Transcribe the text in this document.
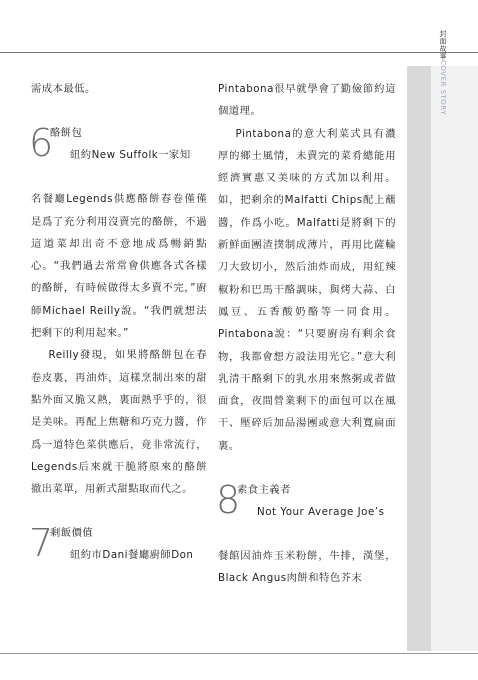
封面故事COVER STORY

需成本最低。

6
酪餅包
紐約New Suffolk一家知

名餐廳Legends供應酪餅春卷僅僅是爲了充分利用沒賣完的酪餅，不過這道菜却出奇不意地成爲暢銷點心。“我們過去常常會供應各式各樣的酪餅，有時候做得太多賣不完，”廚師Michael Reilly說。“我們就想法把剩下的利用起來。”

Reilly發現，如果將酪餅包在春卷皮裏，再油炸，這樣烹制出來的甜點外面又脆又熱，裏面熱乎乎的，很是美味。再配上焦糖和巧克力醬，作爲一道特色菜供應后，竟非常流行，Legends后來就干脆將原來的酪餅撤出菜單，用新式甜點取而代之。

7
剩飯價值
紐約市Dani餐廳廚師Don

Pintabona很早就學會了勤儉節約這個道理。

Pintabona的意大利菜式具有濃厚的鄉土風情，未賣完的菜肴總能用經濟實惠又美味的方式加以利用。如，把剩余的Malfatti Chips配上蘸醬，作爲小吃。Malfatti是將剩下的新鮮面團渣撲制成薄片，再用比薩輪刀大致切小，然后油炸而成，用紅辣椒粉和巴馬干酪調味，與烤大蒜、白鳳豆、五香酸奶酪等一同食用。Pintabona說：“只要廚房有剩余食物，我都會想方設法用光它。”意大利乳清干酪剩下的乳水用來熬粥或者做面食，夜間營業剩下的面包可以在風干、壓碎后加品湯團或意大利寬扁面裏。

8
素食主義者
Not Your Average Joe’s

餐館因油炸玉米粉餅，牛排，漢堡，Black Angus肉餅和特色芥末
